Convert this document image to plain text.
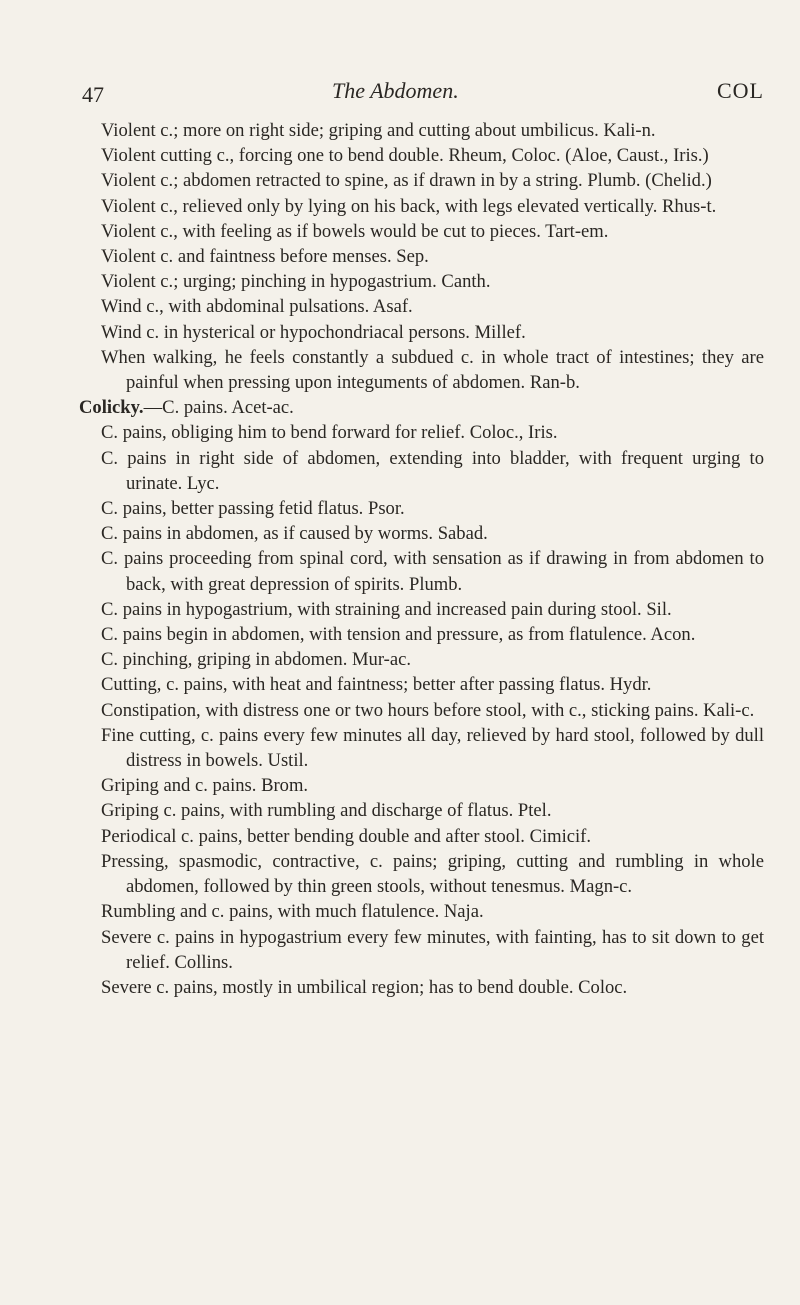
47	The Abdomen.	COL

Violent c.; more on right side; griping and cutting about umbilicus. Kali-n.

Violent cutting c., forcing one to bend double. Rheum, Coloc. (Aloe, Caust., Iris.)

Violent c.; abdomen retracted to spine, as if drawn in by a string. Plumb. (Chelid.)

Violent c., relieved only by lying on his back, with legs elevated vertically. Rhus-t.

Violent c., with feeling as if bowels would be cut to pieces. Tart-em.

Violent c. and faintness before menses. Sep.

Violent c.; urging; pinching in hypogastrium. Canth.

Wind c., with abdominal pulsations. Asaf.

Wind c. in hysterical or hypochondriacal persons. Millef.

When walking, he feels constantly a subdued c. in whole tract of intestines; they are painful when pressing upon integuments of abdomen. Ran-b.

Colicky.—C. pains. Acet-ac.

C. pains, obliging him to bend forward for relief. Coloc., Iris.

C. pains in right side of abdomen, extending into bladder, with frequent urging to urinate. Lyc.

C. pains, better passing fetid flatus. Psor.

C. pains in abdomen, as if caused by worms. Sabad.

C. pains proceeding from spinal cord, with sensation as if drawing in from abdomen to back, with great depression of spirits. Plumb.

C. pains in hypogastrium, with straining and increased pain during stool. Sil.

C. pains begin in abdomen, with tension and pressure, as from flatulence. Acon.

C. pinching, griping in abdomen. Mur-ac.

Cutting, c. pains, with heat and faintness; better after passing flatus. Hydr.

Constipation, with distress one or two hours before stool, with c., sticking pains. Kali-c.

Fine cutting, c. pains every few minutes all day, relieved by hard stool, followed by dull distress in bowels. Ustil.

Griping and c. pains. Brom.

Griping c. pains, with rumbling and discharge of flatus. Ptel.

Periodical c. pains, better bending double and after stool. Cimicif.

Pressing, spasmodic, contractive, c. pains; griping, cutting and rumbling in whole abdomen, followed by thin green stools, without tenesmus. Magn-c.

Rumbling and c. pains, with much flatulence. Naja.

Severe c. pains in hypogastrium every few minutes, with fainting, has to sit down to get relief. Collins.

Severe c. pains, mostly in umbilical region; has to bend double. Coloc.
